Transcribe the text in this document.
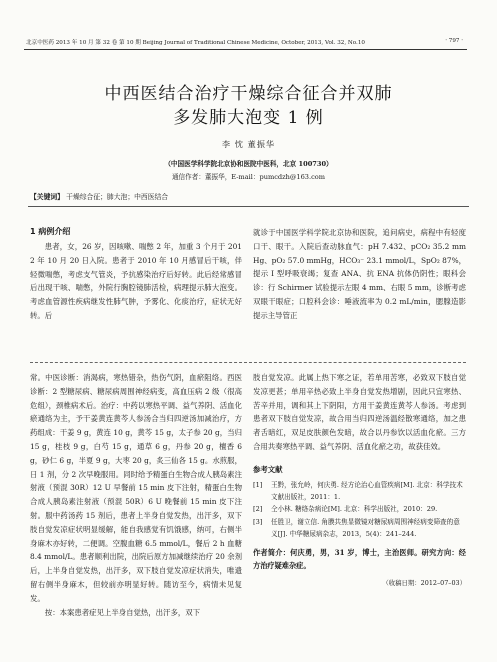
北京中医药 2013 年 10 月 第 32 卷 第 10 期 Beijing Journal of Traditional Chinese Medicine, October, 2013, Vol. 32, No.10	· 797 ·
中西医结合治疗干燥综合征合并双肺
多发肺大泡变 1 例
李 忱 董振华
（中国医学科学院北京协和医院中医科，北京 100730）
通信作者：董振华，E-mail：pumcdzh@163.com
【关键词】 干燥综合征；肺大泡；中西医结合
1 病例介绍

患者，女，26 岁，因咳嗽、喘憋 2 年，加重 3 个月于 2012 年 10 月 20 日入院。患者于 2010 年 10 月感冒后干咳，伴轻微喘憋，考虑支气管炎，予抗感染治疗后好转。此后经常感冒后出现干咳、喘憋，外院行胸腔镜肺活检，病理提示肺大泡变。考虑血管源性疾病继发性肺气肿，予雾化、化痰治疗，症状无好转。后

就诊于中国医学科学院北京协和医院，追问病史，病程中有轻度口干、眼干。入院后查动脉血气：pH 7.432、pCO₂ 35.2 mmHg、pO₂ 57.0 mmHg，HCO₃⁻ 23.1 mmol/L，SpO₂ 87%，提示 I 型呼吸衰竭；复查 ANA、抗 ENA 抗体仍阴性；眼科会诊：行 Schirmer 试验提示左眼 4 mm、右眼 5 mm，诊断考虑双眼干眼症；口腔科会诊：唾液流率为 0.2 mL/min，腮腺造影提示主导管正

常。中医诊断：消渴病，寒热错杂，热伤气阴，血瘀阻络。西医诊断：2 型糖尿病、糖尿病周围神经病变，高血压病 2 级（很高危组），颈椎病术后。治疗：中药以寒热平调、益气养阴、活血化瘀通络为主，予干姜黄连黄芩人参汤合当归四逆汤加减治疗，方药组成：干姜 9 g，黄连 10 g，黄芩 15 g，太子参 20 g，当归 15 g，桂枝 9 g，白芍 15 g，通草 6 g，丹参 20 g，檀香 6 g，砂仁 6 g，半夏 9 g，大枣 20 g，炙三仙各 15 g。水煎服，日 1 剂，分 2 次早晚服用。同时给予精蛋白生物合成人胰岛素注射液（预混 30R）12 U 早餐前 15 min 皮下注射，精蛋白生物合成人胰岛素注射液（预混 50R）6 U 晚餐前 15 min 皮下注射。服中药汤药 15 剂后，患者上半身自觉发热，出汗多，双下肢自觉发凉症状明显缓解，能自我感觉有饥饿感，纳可，右侧半身麻木亦好转，二便调。空腹血糖 6.5 mmol/L，餐后 2 h 血糖 8.4 mmol/L。患者顺利出院，出院后原方加减继续治疗 20 余剂后，上半身自觉发热，出汗多，双下肢自觉发凉症状消失，唯遗留右侧半身麻木，但较前亦明显好转。随访至今，病情未见复发。

按：本案患者症见上半身自觉热，出汗多，双下

肢自觉发凉。此属上热下寒之证，若单用苦寒，必致双下肢自觉发凉更甚；单用辛热必致上半身自觉发热增剧，因此只宜寒热、苦辛并用，调和其上下阴阳，方用干姜黄连黄芩人参汤。考虑到患者双下肢自觉发凉，故合用当归四逆汤温经散寒通络，加之患者舌暗红，双足皮肤颜色发暗，故合以丹参饮以活血化瘀。三方合用共奏寒热平调、益气养阴、活血化瘀之功，故获佳效。

参考文献
[1] 王黔，张允岭，何庆勇. 经方论治心血管疾病[M]. 北京：科学技术文献出版社，2011：1.
[2] 仝小林. 糖络杂病论[M]. 北京：科学出版社，2010：29.
[3] 任胜卫，谢立信. 角膜共焦显微镜对糖尿病周围神经病变筛查的意义[J]. 中华糖尿病杂志，2013，5(4)：241–244.
作者简介：何庆勇，男，31 岁，博士，主治医师。研究方向：经方治疗疑难杂症。
（收稿日期：2012–07–03）
